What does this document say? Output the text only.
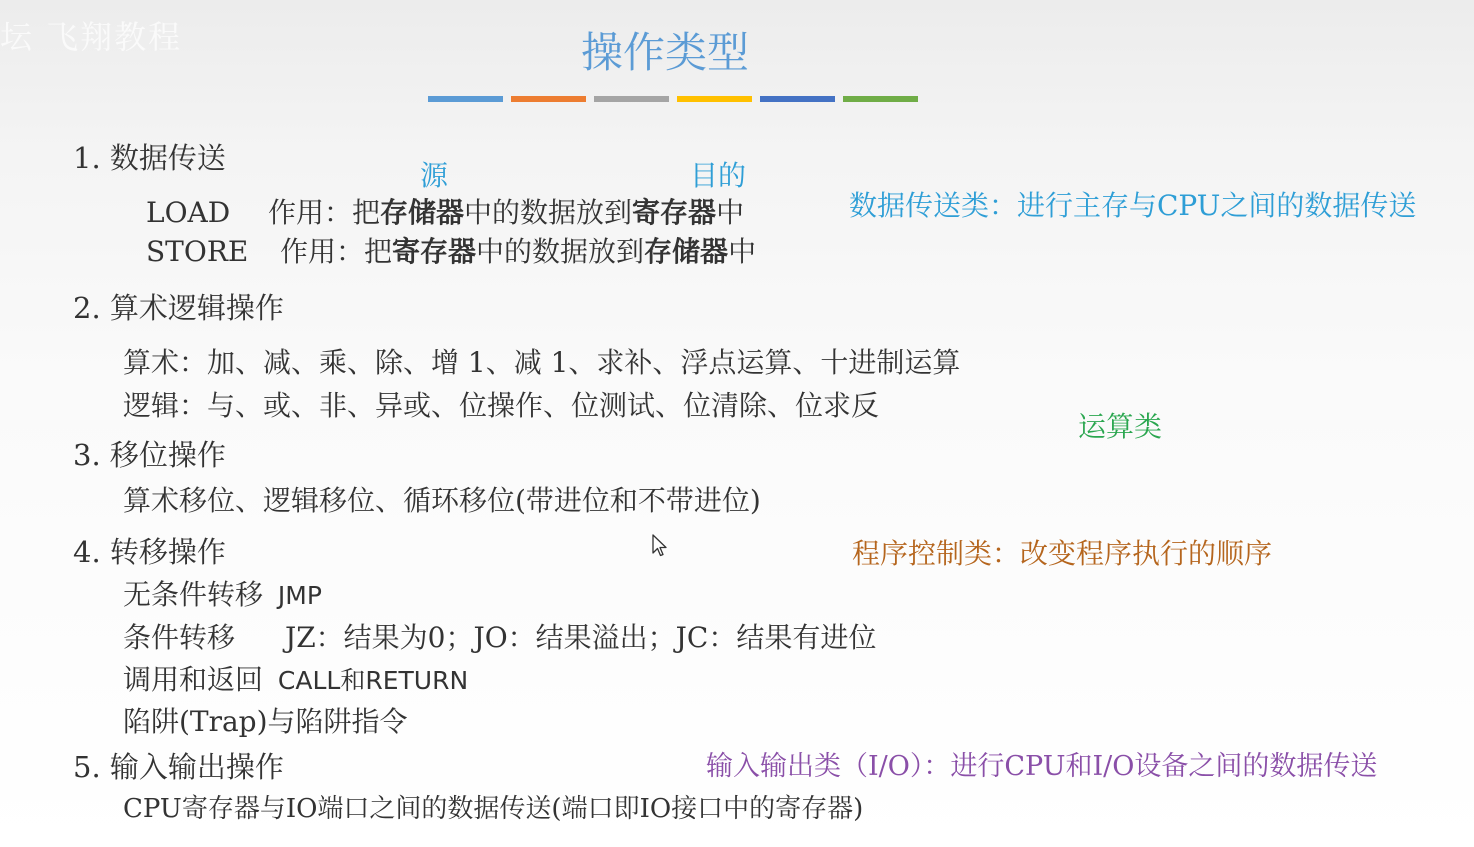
坛 飞翔教程	操作类型
1. 数据传送
源	目的
LOAD 作用：把存储器中的数据放到寄存器中
STORE 作用：把寄存器中的数据放到存储器中
数据传送类：进行主存与CPU之间的数据传送
2. 算术逻辑操作
算术：加、减、乘、除、增 1、减 1、求补、浮点运算、十进制运算
逻辑：与、或、非、异或、位操作、位测试、位清除、位求反
运算类
3. 移位操作
算术移位、逻辑移位、循环移位(带进位和不带进位)
4. 转移操作	程序控制类：改变程序执行的顺序
无条件转移 JMP
条件转移 JZ：结果为0；JO：结果溢出；JC：结果有进位
调用和返回 CALL和RETURN
陷阱(Trap)与陷阱指令
5. 输入输出操作	输入输出类（I/O）：进行CPU和I/O设备之间的数据传送
CPU寄存器与IO端口之间的数据传送(端口即IO接口中的寄存器)
